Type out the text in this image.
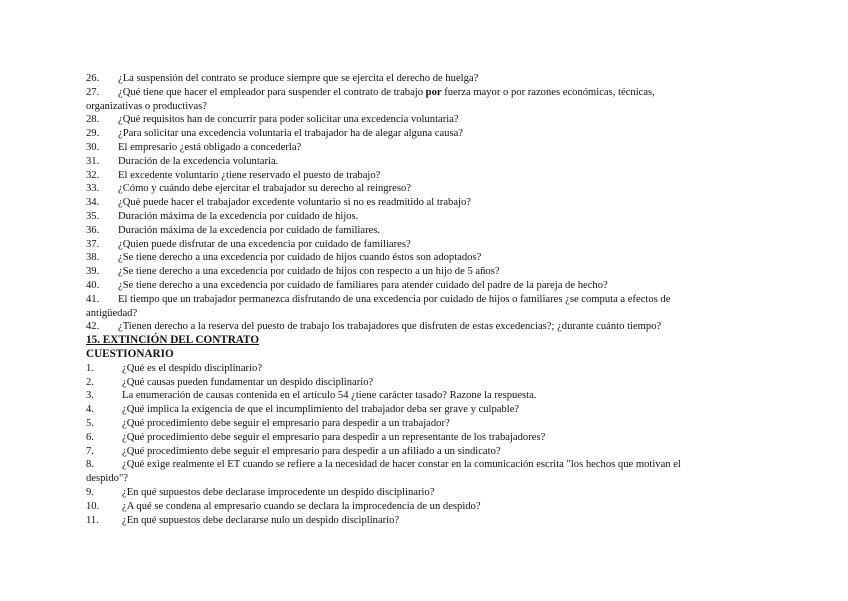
26.	¿La suspensión del contrato se produce siempre que se ejercita el derecho de huelga?
27.	¿Qué tiene que hacer el empleador para suspender el contrato de trabajo por fuerza mayor o por razones económicas, técnicas,
organizativas o productivas?
28.	¿Qué requisitos han de concurrir para poder solicitar una excedencia voluntaria?
29.	¿Para solicitar una excedencia voluntaria el trabajador ha de alegar alguna causa?
30.	El empresario ¿está obligado a concederla?
31.	Duración de la excedencia voluntaria.
32.	El excedente voluntario ¿tiene reservado el puesto de trabajo?
33.	¿Cómo y cuándo debe ejercitar el trabajador su derecho al reingreso?
34.	¿Qué puede hacer el trabajador excedente voluntario si no es readmitido al trabajo?
35.	Duración máxima de la excedencia por cuidado de hijos.
36.	Duración máxima de la excedencia por cuidado de familiares.
37.	¿Quien puede disfrutar de una excedencia por cuidado de familiares?
38.	¿Se tiene derecho a una excedencia por cuidado de hijos cuando éstos son adoptados?
39.	¿Se tiene derecho a una excedencia por cuidado de hijos con respecto a un hijo de 5 años?
40.	¿Se tiene derecho a una excedencia por cuidado de familiares para atender cuidado del padre de la pareja de hecho?
41.	El tiempo que un trabajador permanezca disfrutando de una excedencia por cuidado de hijos o familiares ¿se computa a efectos de
antigüedad?
42.	¿Tienen derecho a la reserva del puesto de trabajo los trabajadores que disfruten de estas excedencias?; ¿durante cuánto tiempo?
15. EXTINCIÓN DEL CONTRATO
CUESTIONARIO
1.	¿Qué es el despido disciplinario?
2.	¿Qué causas pueden fundamentar un despido disciplinario?
3.	La enumeración de causas contenida en el artículo 54 ¿tiene carácter tasado? Razone la respuesta.
4.	¿Qué implica la exigencia de que el incumplimiento del trabajador deba ser grave y culpable?
5.	¿Qué procedimiento debe seguir el empresario para despedir a un trabajador?
6.	¿Qué procedimiento debe seguir el empresario para despedir a un representante de los trabajadores?
7.	¿Qué procedimiento debe seguir el empresario para despedir a un afiliado a un sindicato?
8.	¿Qué exige realmente el ET cuando se refiere a la necesidad de hacer constar en la comunicación escrita "los hechos que motivan el
despido"?
9.	¿En qué supuestos debe declarase improcedente un despido disciplinario?
10.	¿A qué se condena al empresario cuando se declara la improcedencia de un despido?
11.	¿En qué supuestos debe declararse nulo un despido disciplinario?
